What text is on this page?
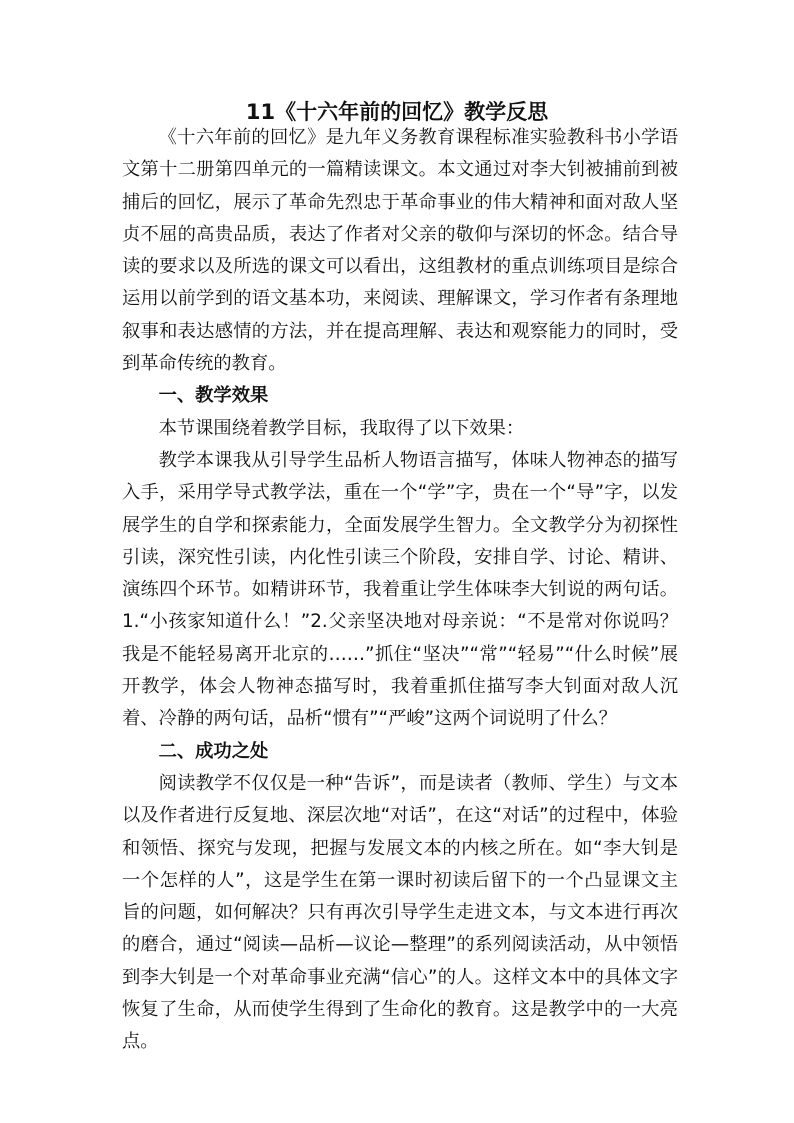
11《十六年前的回忆》教学反思

《十六年前的回忆》是九年义务教育课程标准实验教科书小学语文第十二册第四单元的一篇精读课文。本文通过对李大钊被捕前到被捕后的回忆，展示了革命先烈忠于革命事业的伟大精神和面对敌人坚贞不屈的高贵品质，表达了作者对父亲的敬仰与深切的怀念。结合导读的要求以及所选的课文可以看出，这组教材的重点训练项目是综合运用以前学到的语文基本功，来阅读、理解课文，学习作者有条理地叙事和表达感情的方法，并在提高理解、表达和观察能力的同时，受到革命传统的教育。

一、教学效果

本节课围绕着教学目标，我取得了以下效果：

教学本课我从引导学生品析人物语言描写，体味人物神态的描写入手，采用学导式教学法，重在一个“学”字，贵在一个“导”字，以发展学生的自学和探索能力，全面发展学生智力。全文教学分为初探性引读，深究性引读，内化性引读三个阶段，安排自学、讨论、精讲、演练四个环节。如精讲环节，我着重让学生体味李大钊说的两句话。1.“小孩家知道什么！”2.父亲坚决地对母亲说：“不是常对你说吗？我是不能轻易离开北京的……”抓住“坚决”“常”“轻易”“什么时候”展开教学，体会人物神态描写时，我着重抓住描写李大钊面对敌人沉着、冷静的两句话，品析“惯有”“严峻”这两个词说明了什么？

二、成功之处

阅读教学不仅仅是一种“告诉”，而是读者（教师、学生）与文本以及作者进行反复地、深层次地“对话”，在这“对话”的过程中，体验和领悟、探究与发现，把握与发展文本的内核之所在。如“李大钊是一个怎样的人”，这是学生在第一课时初读后留下的一个凸显课文主旨的问题，如何解决？只有再次引导学生走进文本，与文本进行再次的磨合，通过“阅读—品析—议论—整理”的系列阅读活动，从中领悟到李大钊是一个对革命事业充满“信心”的人。这样文本中的具体文字恢复了生命，从而使学生得到了生命化的教育。这是教学中的一大亮点。
